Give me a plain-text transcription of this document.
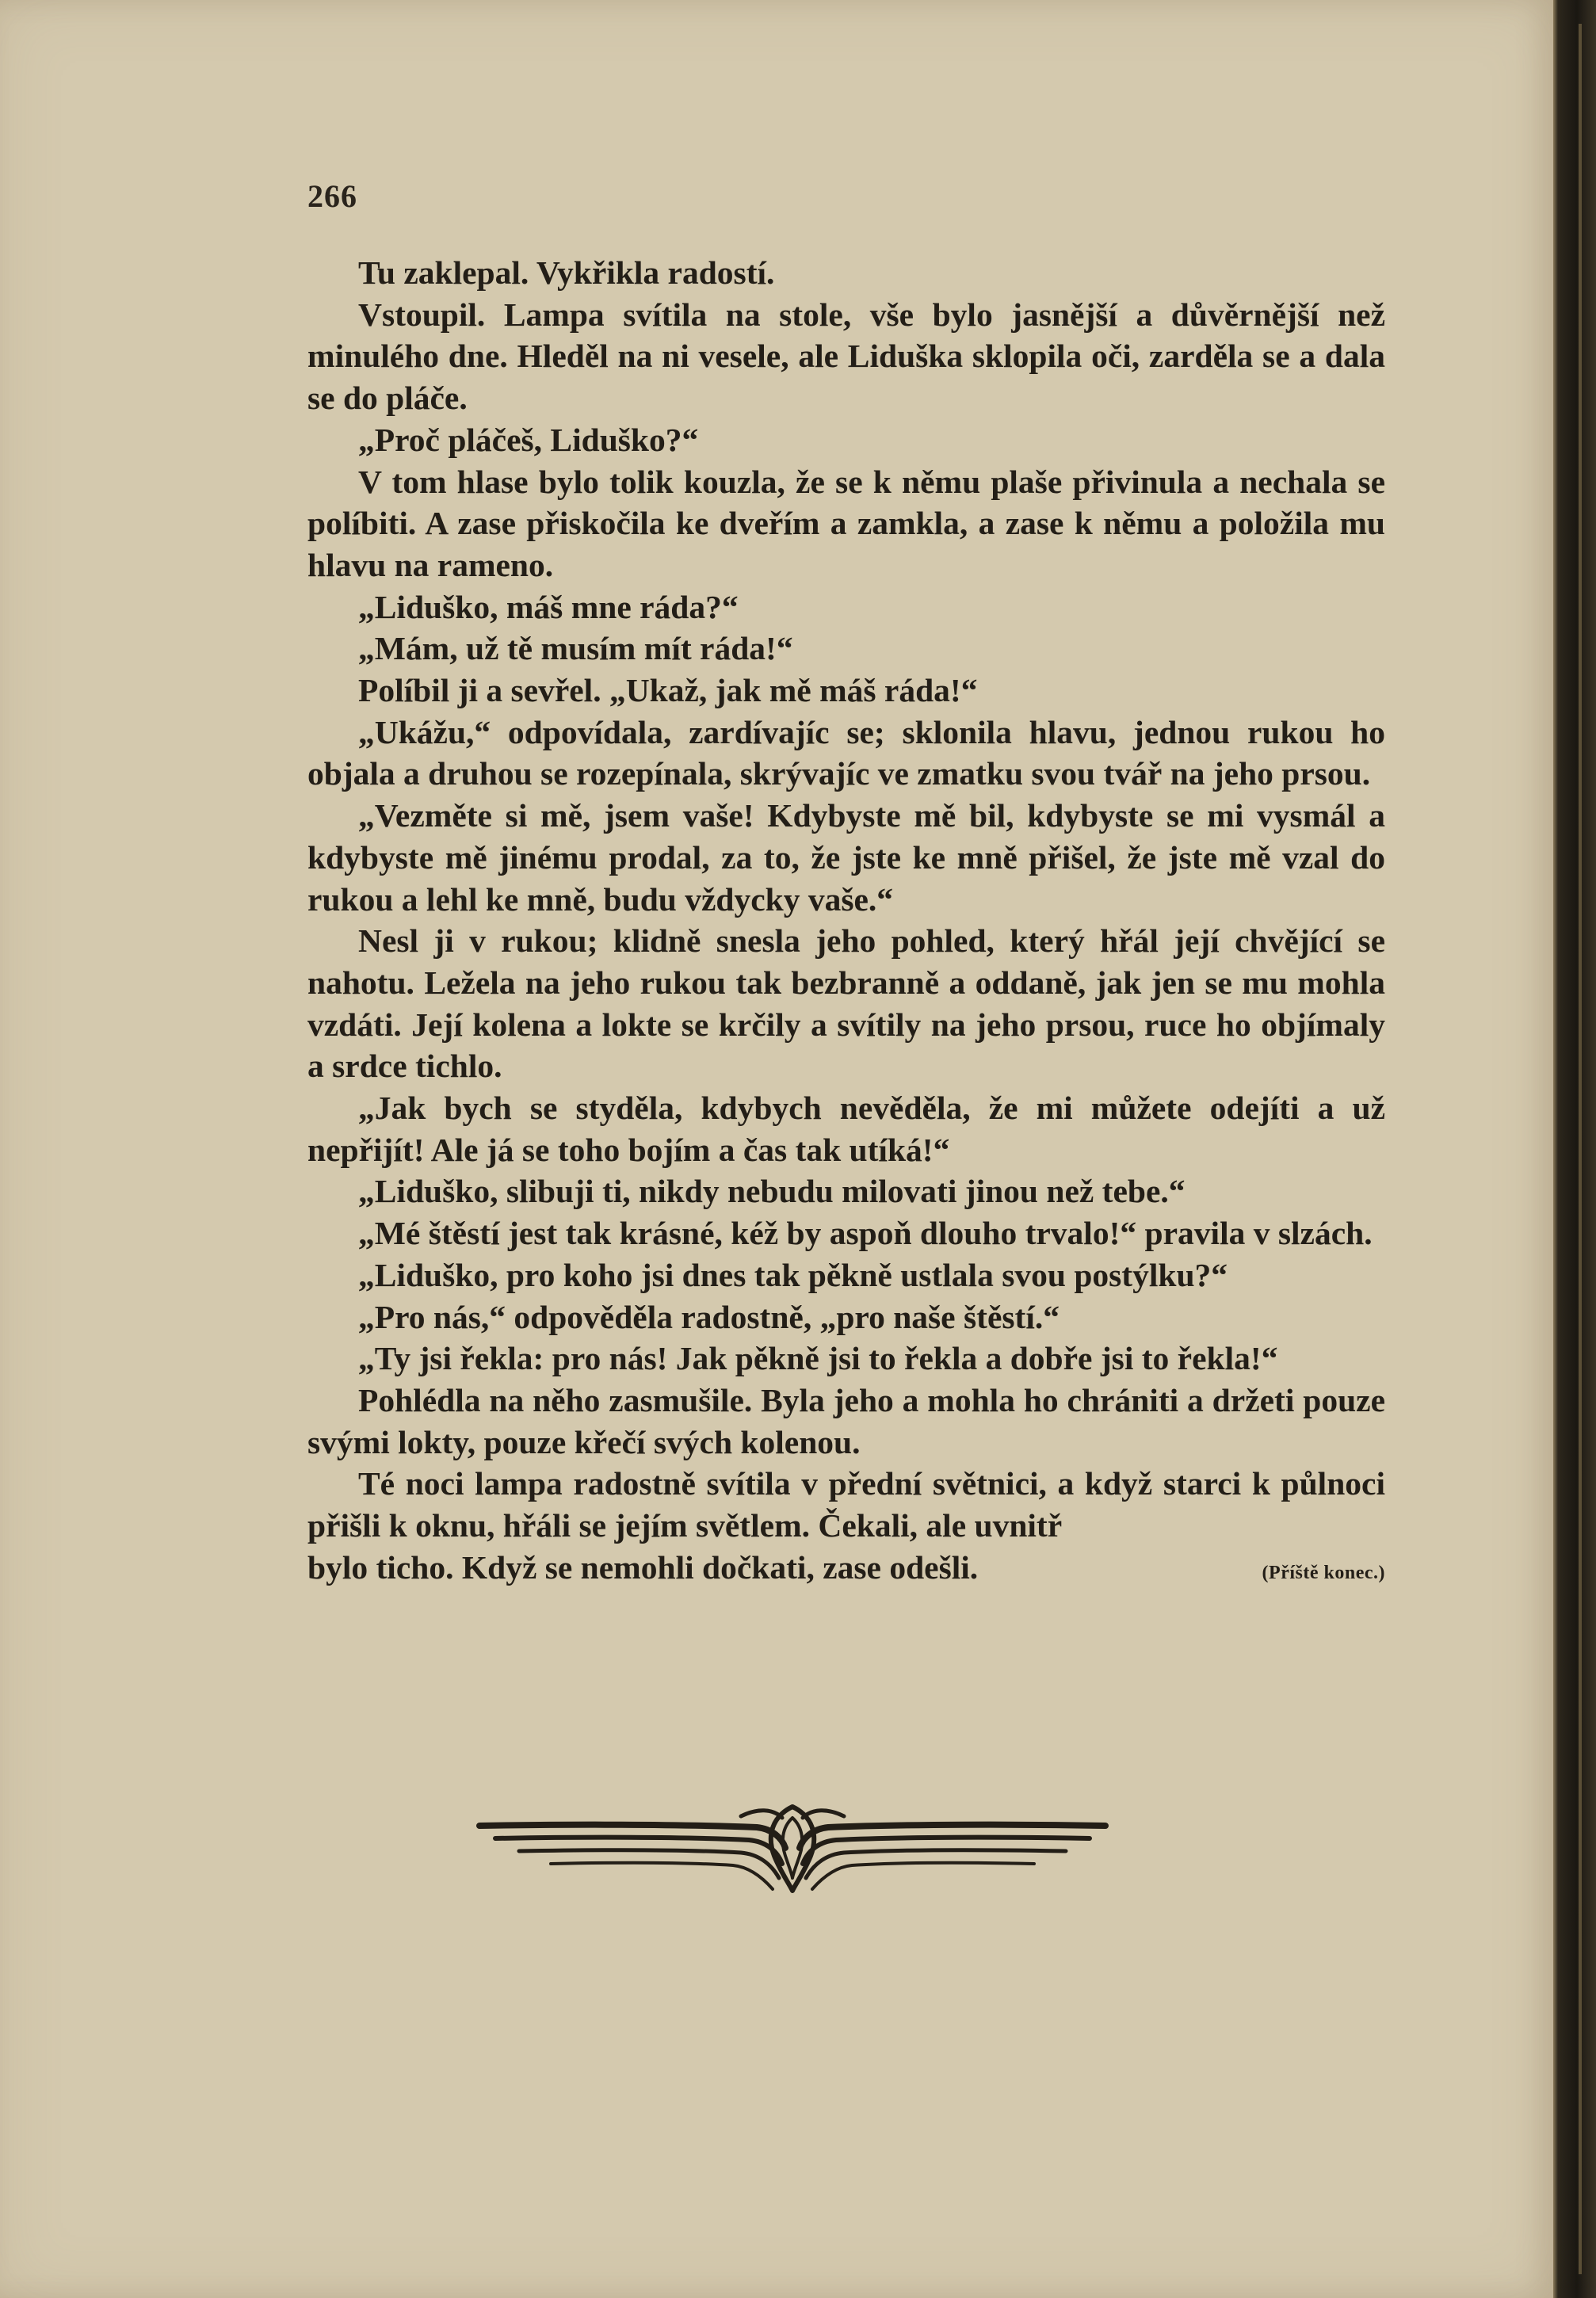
266

Tu zaklepal. Vykřikla radostí.

Vstoupil. Lampa svítila na stole, vše bylo jasnější a důvěrnější než minulého dne. Hleděl na ni vesele, ale Liduška sklopila oči, zarděla se a dala se do pláče.

„Proč pláčeš, Liduško?“

V tom hlase bylo tolik kouzla, že se k němu plaše přivinula a nechala se políbiti. A zase přiskočila ke dveřím a zamkla, a zase k němu a položila mu hlavu na rameno.

„Liduško, máš mne ráda?“

„Mám, už tě musím mít ráda!“

Políbil ji a sevřel. „Ukaž, jak mě máš ráda!“

„Ukážu,“ odpovídala, zardívajíc se; sklonila hlavu, jednou rukou ho objala a druhou se rozepínala, skrývajíc ve zmatku svou tvář na jeho prsou.

„Vezměte si mě, jsem vaše! Kdybyste mě bil, kdybyste se mi vysmál a kdybyste mě jinému prodal, za to, že jste ke mně přišel, že jste mě vzal do rukou a lehl ke mně, budu vždycky vaše.“

Nesl ji v rukou; klidně snesla jeho pohled, který hřál její chvějící se nahotu. Ležela na jeho rukou tak bezbranně a oddaně, jak jen se mu mohla vzdáti. Její kolena a lokte se krčily a svítily na jeho prsou, ruce ho objímaly a srdce tichlo.

„Jak bych se styděla, kdybych nevěděla, že mi můžete odejíti a už nepřijít! Ale já se toho bojím a čas tak utíká!“

„Liduško, slibuji ti, nikdy nebudu milovati jinou než tebe.“

„Mé štěstí jest tak krásné, kéž by aspoň dlouho trvalo!“ pravila v slzách.

„Liduško, pro koho jsi dnes tak pěkně ustlala svou postýlku?“

„Pro nás,“ odpověděla radostně, „pro naše štěstí.“

„Ty jsi řekla: pro nás! Jak pěkně jsi to řekla a dobře jsi to řekla!“

Pohlédla na něho zasmušile. Byla jeho a mohla ho chrániti a držeti pouze svými lokty, pouze křečí svých kolenou.

Té noci lampa radostně svítila v přední světnici, a když starci k půlnoci přišli k oknu, hřáli se jejím světlem. Čekali, ale uvnitř

bylo ticho. Když se nemohli dočkati, zase odešli.	(Příště konec.)
